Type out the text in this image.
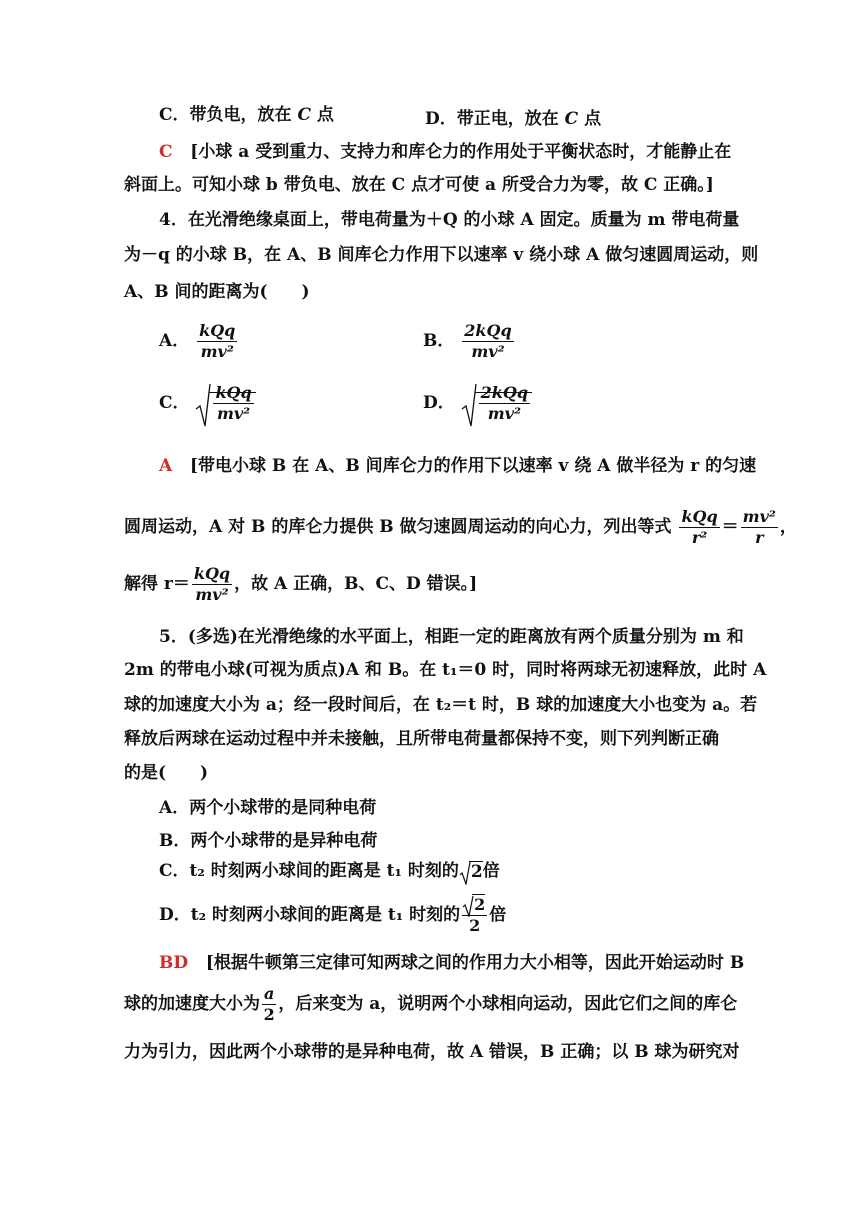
C．带负电，放在 C 点	D．带正电，放在 C 点
C [小球 a 受到重力、支持力和库仑力的作用处于平衡状态时，才能静止在
斜面上。可知小球 b 带负电、放在 C 点才可使 a 所受合力为零，故 C 正确。]
4．在光滑绝缘桌面上，带电荷量为＋Q 的小球 A 固定。质量为 m 带电荷量
为－q 的小球 B，在 A、B 间库仑力作用下以速率 v 绕小球 A 做匀速圆周运动，则
A、B 间的距离为(　　)
A． $\frac{\text{kQq}}{\text{mv²}}$	B． $\frac{\text{2kQq}}{\text{mv²}}$
C． $\frac{\text{kQq}}{\text{mv²}}$	D． $\frac{\text{2kQq}}{\text{mv²}}$
A [带电小球 B 在 A、B 间库仑力的作用下以速率 v 绕 A 做半径为 r 的匀速
圆周运动，A 对 B 的库仑力提供 B 做匀速圆周运动的向心力，列出等式 $\frac{\text{kQq}}{\text{r²}} = \frac{\text{mv²}}{r}$ ，
解得 $r= \frac{\text{kQq}}{\text{mv²}}$ ，故 A 正确，B、C、D 错误。]
5．(多选)在光滑绝缘的水平面上，相距一定的距离放有两个质量分别为 m 和
2m 的带电小球(可视为质点)A 和 B。在 t₁＝0 时，同时将两球无初速释放，此时 A
球的加速度大小为 a；经一段时间后，在 t₂＝t 时，B 球的加速度大小也变为 a。若
释放后两球在运动过程中并未接触，且所带电荷量都保持不变，则下列判断正确
的是(　　)
A．两个小球带的是同种电荷
B．两个小球带的是异种电荷
C．t₂ 时刻两小球间的距离是 t₁ 时刻的 2倍
D．t₂ 时刻两小球间的距离是 t₁ 时刻的 $\frac{2}{2}$ 倍
BD [根据牛顿第三定律可知两球之间的作用力大小相等，因此开始运动时 B
球的加速度大小为 $\frac{a}{2}$ ，后来变为 a，说明两个小球相向运动，因此它们之间的库仑
力为引力，因此两个小球带的是异种电荷，故 A 错误，B 正确；以 B 球为研究对
